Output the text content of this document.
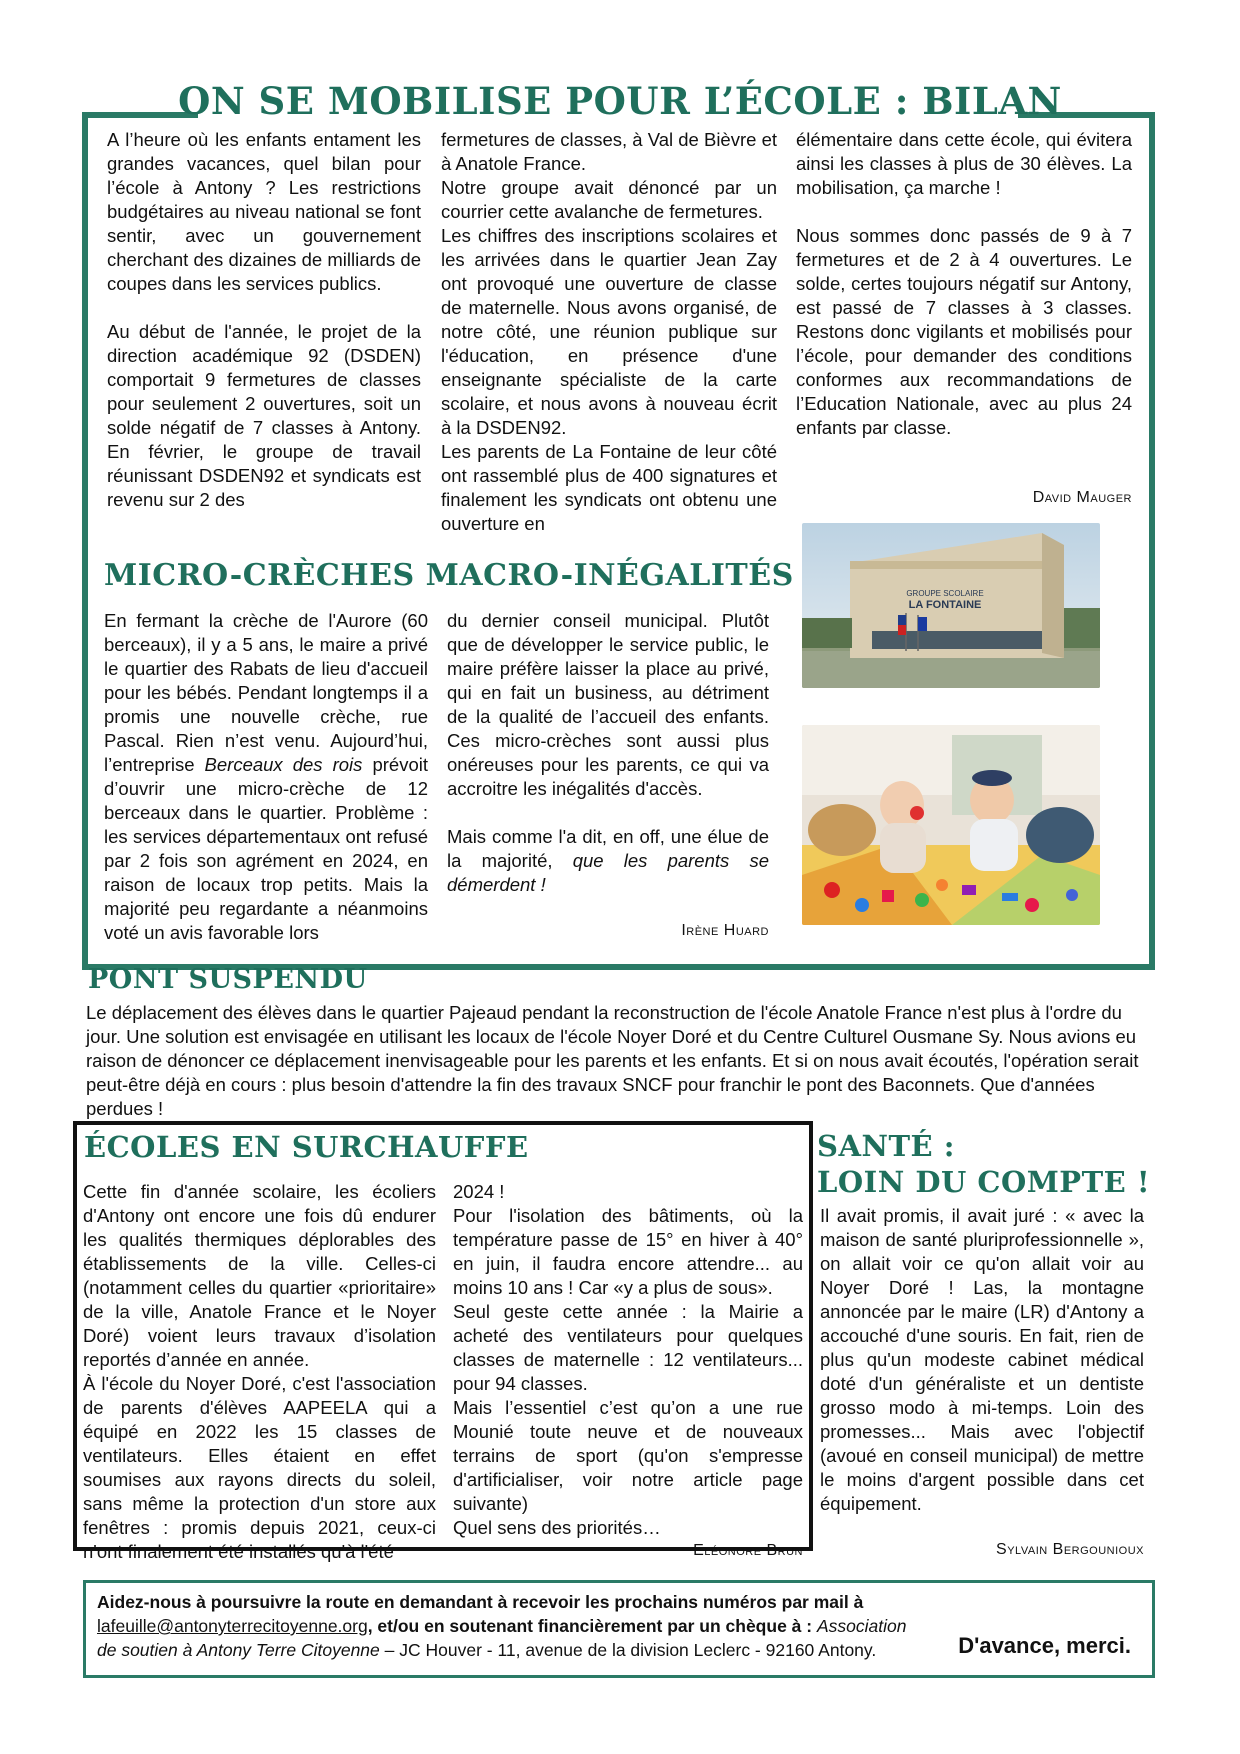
ON SE MOBILISE POUR L’ÉCOLE : BILAN

A l’heure où les enfants entament les grandes vacances, quel bilan pour l’école à Antony ? Les restrictions budgétaires au niveau national se font sentir, avec un gouvernement cherchant des dizaines de milliards de coupes dans les services publics.

Au début de l'année, le projet de la direction académique 92 (DSDEN) comportait 9 fermetures de classes pour seulement 2 ouvertures, soit un solde négatif de 7 classes à Antony. En février, le groupe de travail réunissant DSDEN92 et syndicats est revenu sur 2 des

fermetures de classes, à Val de Bièvre et à Anatole France.

Notre groupe avait dénoncé par un courrier cette avalanche de fermetures.

Les chiffres des inscriptions scolaires et les arrivées dans le quartier Jean Zay ont provoqué une ouverture de classe de maternelle. Nous avons organisé, de notre côté, une réunion publique sur l'éducation, en présence d'une enseignante spécialiste de la carte scolaire, et nous avons à nouveau écrit à la DSDEN92.

Les parents de La Fontaine de leur côté ont rassemblé plus de 400 signatures et finalement les syndicats ont obtenu une ouverture en

élémentaire dans cette école, qui évitera ainsi les classes à plus de 30 élèves. La mobilisation, ça marche !

Nous sommes donc passés de 9 à 7 fermetures et de 2 à 4 ouvertures. Le solde, certes toujours négatif sur Antony, est passé de 7 classes à 3 classes. Restons donc vigilants et mobilisés pour l’école, pour demander des conditions conformes aux recommandations de l’Education Nationale, avec au plus 24 enfants par classe.

David Mauger
GROUPE SCOLAIRE
LA FONTAINE
MICRO-CRÈCHES MACRO-INÉGALITÉS

En fermant la crèche de l'Aurore (60 berceaux), il y a 5 ans, le maire a privé le quartier des Rabats de lieu d'accueil pour les bébés. Pendant longtemps il a promis une nouvelle crèche, rue Pascal. Rien n’est venu. Aujourd’hui, l’entreprise Berceaux des rois prévoit d’ouvrir une micro-crèche de 12 berceaux dans le quartier. Problème : les services départementaux ont refusé par 2 fois son agrément en 2024, en raison de locaux trop petits. Mais la majorité peu regardante a néanmoins voté un avis favorable lors

du dernier conseil municipal. Plutôt que de développer le service public, le maire préfère laisser la place au privé, qui en fait un business, au détriment de la qualité de l’accueil des enfants. Ces micro-crèches sont aussi plus onéreuses pour les parents, ce qui va accroitre les inégalités d'accès.

Mais comme l'a dit, en off, une élue de la majorité, que les parents se démerdent !

Irène Huard
PONT SUSPENDU

Le déplacement des élèves dans le quartier Pajeaud pendant la reconstruction de l'école Anatole France n'est plus à l'ordre du jour. Une solution est envisagée en utilisant les locaux de l'école Noyer Doré et du Centre Culturel Ousmane Sy. Nous avions eu raison de dénoncer ce déplacement inenvisageable pour les parents et les enfants. Et si on nous avait écoutés, l'opération serait peut-être déjà en cours : plus besoin d'attendre la fin des travaux SNCF pour franchir le pont des Baconnets. Que d'années perdues !

ÉCOLES EN SURCHAUFFE

Cette fin d'année scolaire, les écoliers d'Antony ont encore une fois dû endurer les qualités thermiques déplorables des établissements de la ville. Celles-ci (notamment celles du quartier «prioritaire» de la ville, Anatole France et le Noyer Doré) voient leurs travaux d’isolation reportés d’année en année.

À l'école du Noyer Doré, c'est l'association de parents d'élèves AAPEELA qui a équipé en 2022 les 15 classes de ventilateurs. Elles étaient en effet soumises aux rayons directs du soleil, sans même la protection d'un store aux fenêtres : promis depuis 2021, ceux-ci n'ont finalement été installés qu'à l'été

2024 !

Pour l'isolation des bâtiments, où la température passe de 15° en hiver à 40° en juin, il faudra encore attendre... au moins 10 ans ! Car «y a plus de sous».

Seul geste cette année : la Mairie a acheté des ventilateurs pour quelques classes de maternelle : 12 ventilateurs... pour 94 classes.

Mais l’essentiel c’est qu’on a une rue Mounié toute neuve et de nouveaux terrains de sport (qu'on s'empresse d'artificialiser, voir notre article page suivante)

Quel sens des priorités…

Eléonore Brun
SANTÉ :
LOIN DU COMPTE !

Il avait promis, il avait juré : « avec la maison de santé pluriprofessionnelle », on allait voir ce qu'on allait voir au Noyer Doré ! Las, la montagne annoncée par le maire (LR) d'Antony a accouché d'une souris. En fait, rien de plus qu'un modeste cabinet médical doté d'un généraliste et un dentiste grosso modo à mi-temps. Loin des promesses... Mais avec l'objectif (avoué en conseil municipal) de mettre le moins d'argent possible dans cet équipement.

Sylvain Bergounioux
Aidez-nous à poursuivre la route en demandant à recevoir les prochains numéros par mail à
lafeuille@antonyterrecitoyenne.org, et/ou en soutenant financièrement par un chèque à : Association
de soutien à Antony Terre Citoyenne – JC Houver - 11, avenue de la division Leclerc - 92160 Antony.	D'avance, merci.
